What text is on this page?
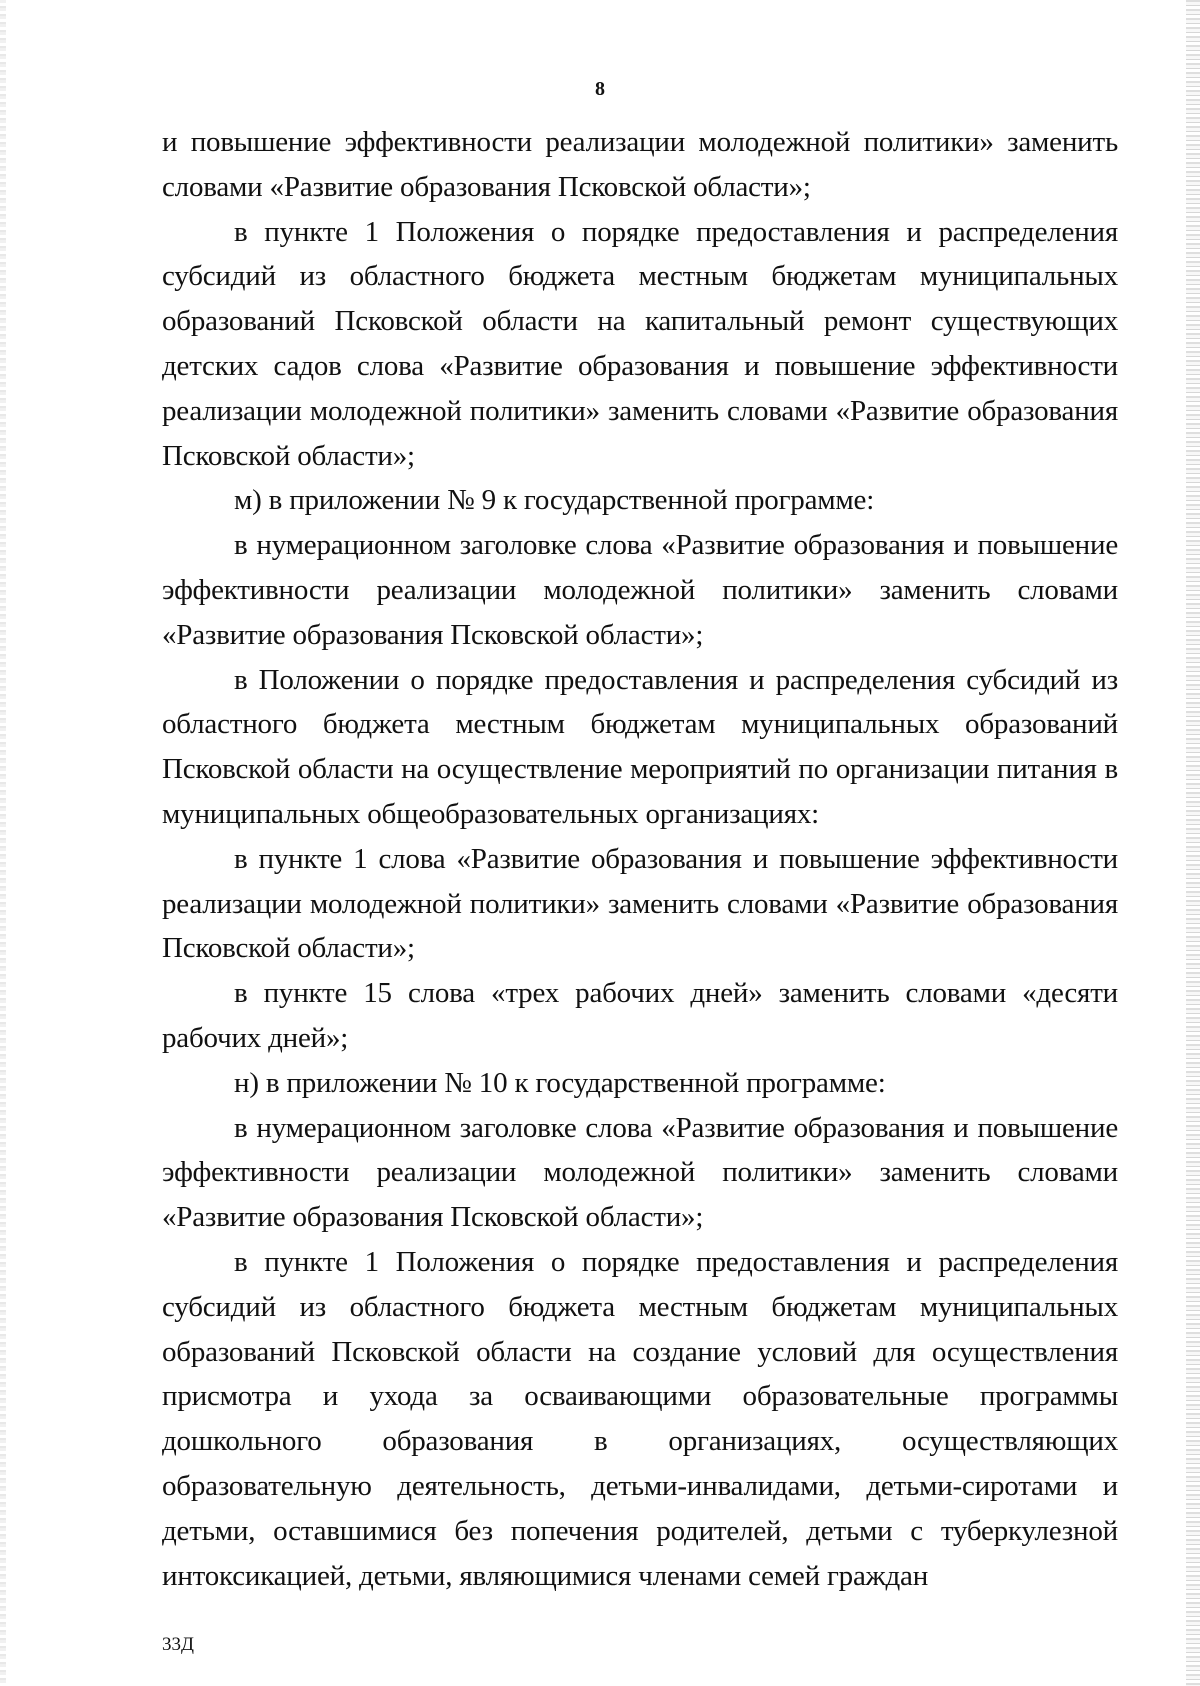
8

и повышение эффективности реализации молодежной политики» заменить словами «Развитие образования Псковской области»;

в пункте 1 Положения о порядке предоставления и распределения субсидий из областного бюджета местным бюджетам муниципальных образований Псковской области на капитальный ремонт существующих детских садов слова «Развитие образования и повышение эффективности реализации молодежной политики» заменить словами «Развитие образования Псковской области»;

м) в приложении № 9 к государственной программе:

в нумерационном заголовке слова «Развитие образования и повышение эффективности реализации молодежной политики» заменить словами «Развитие образования Псковской области»;

в Положении о порядке предоставления и распределения субсидий из областного бюджета местным бюджетам муниципальных образований Псковской области на осуществление мероприятий по организации питания в муниципальных общеобразовательных организациях:

в пункте 1 слова «Развитие образования и повышение эффективности реализации молодежной политики» заменить словами «Развитие образования Псковской области»;

в пункте 15 слова «трех рабочих дней» заменить словами «десяти рабочих дней»;

н) в приложении № 10 к государственной программе:

в нумерационном заголовке слова «Развитие образования и повышение эффективности реализации молодежной политики» заменить словами «Развитие образования Псковской области»;

в пункте 1 Положения о порядке предоставления и распределения субсидий из областного бюджета местным бюджетам муниципальных образований Псковской области на создание условий для осуществления присмотра и ухода за осваивающими образовательные программы дошкольного образования в организациях, осуществляющих образовательную деятельность, детьми-инвалидами, детьми-сиротами и детьми, оставшимися без попечения родителей, детьми с туберкулезной интоксикацией, детьми, являющимися членами семей граждан

33Д
